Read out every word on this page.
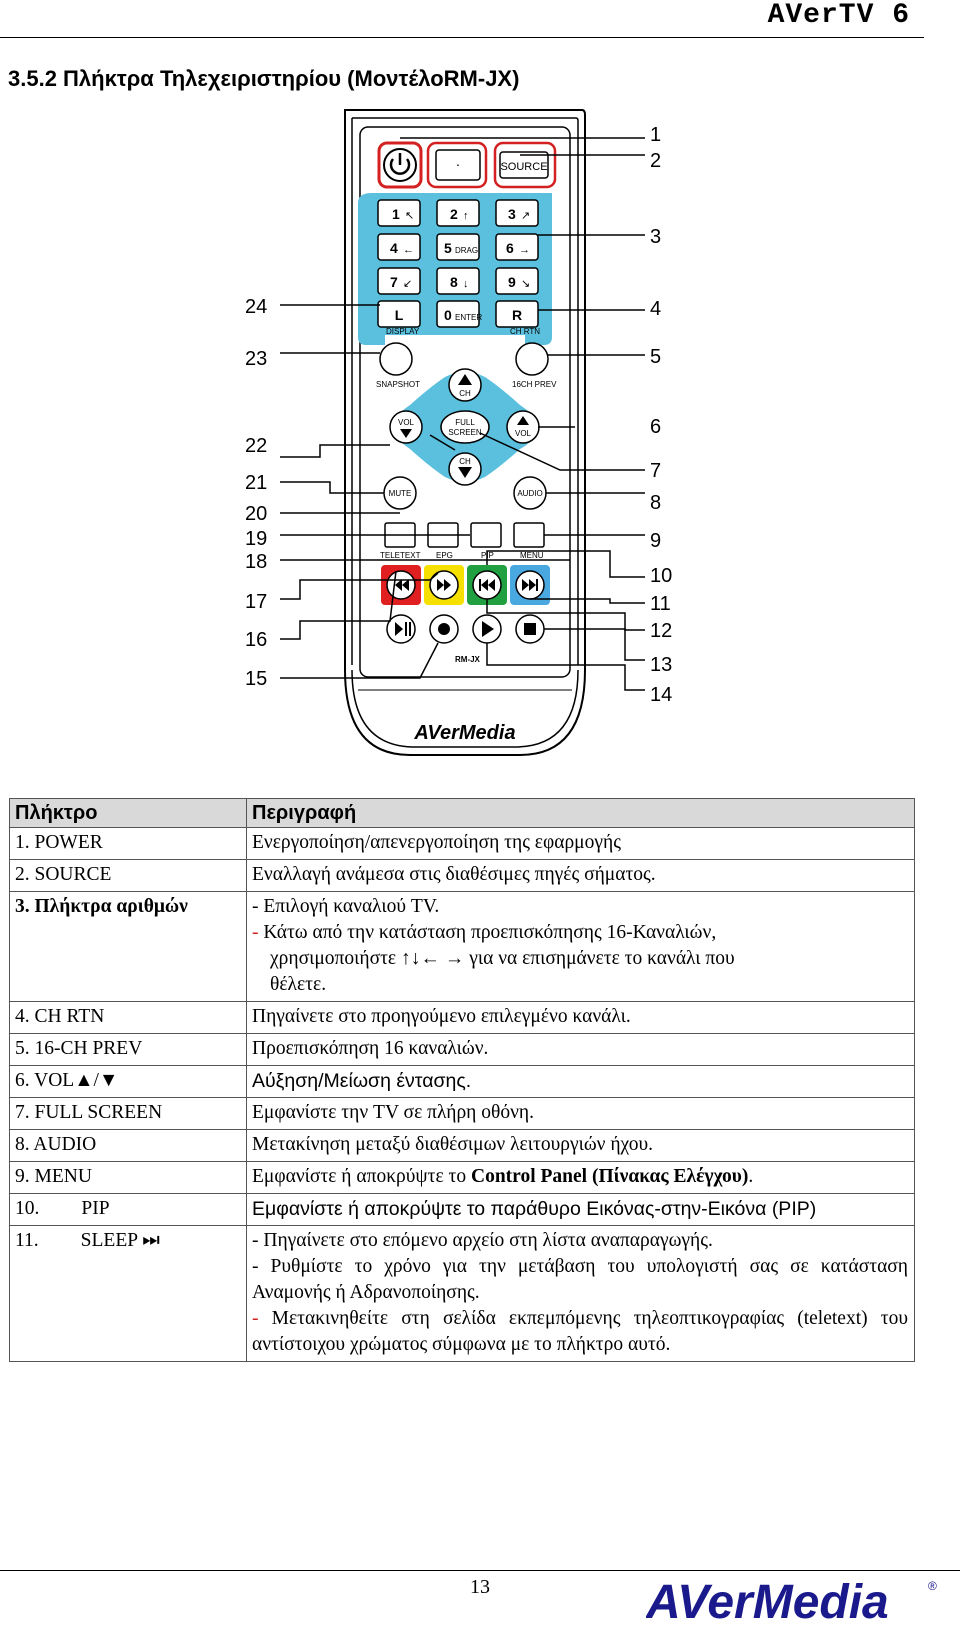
AVerTV 6
3.5.2 Πλήκτρα Τηλεχειριστηρίου (ΜοντέλοRM-JX)
·	SOURCE
1 ↖	2 ↑	3 ↗
4 ← 5 DRAG 6 →
7 ↙	8 ↓	9 ↘
L	0 ENTER R
DISPLAY	CH RTN
SNAPSHOT	16CH PREV
CH
VOL	FULL
SCREEN	VOL
CH
MUTE	AUDIO
TELETEXT EPG	PIP	MENU
RM-JX
AVerMedia
1
2
3
4
5
6
7
8
9
10
11
12
13
14
24
23
22
21
20
19
18
17
16
15
Πλήκτρο	Περιγραφή
1. POWER	Ενεργοποίηση/απενεργοποίηση της εφαρμογής
2. SOURCE	Εναλλαγή ανάμεσα στις διαθέσιμες πηγές σήματος.
3. Πλήκτρα αριθμών	- Επιλογή καναλιού TV.
- Κάτω από την κατάσταση προεπισκόπησης 16-Καναλιών,
χρησιμοποιήστε ↑↓← → για να επισημάνετε το κανάλι που
θέλετε.

4. CH RTN	Πηγαίνετε στο προηγούμενο επιλεγμένο κανάλι.
5. 16-CH PREV	Προεπισκόπηση 16 καναλιών.
6. VOL▲/▼	Αύξηση/Μείωση έντασης.
7. FULL SCREEN	Εμφανίστε την TV σε πλήρη οθόνη.
8. AUDIO	Μετακίνηση μεταξύ διαθέσιμων λειτουργιών ήχου.
9. MENU	Εμφανίστε ή αποκρύψτε το Control Panel (Πίνακας Ελέγχου).
10. PIP	Εμφανίστε ή αποκρύψτε το παράθυρο Εικόνας-στην-Εικόνα (PIP)
11. SLEEP ⏭	- Πηγαίνετε στο επόμενο αρχείο στη λίστα αναπαραγωγής.
- Ρυθμίστε το χρόνο για την μετάβαση του υπολογιστή σας σε κατάσταση Αναμονής ή Αδρανοποίησης.
- Μετακινηθείτε στη σελίδα εκπεμπόμενης τηλεοπτικογραφίας (teletext) του αντίστοιχου χρώματος σύμφωνα με το πλήκτρο αυτό.
13	AVerMedia	®
